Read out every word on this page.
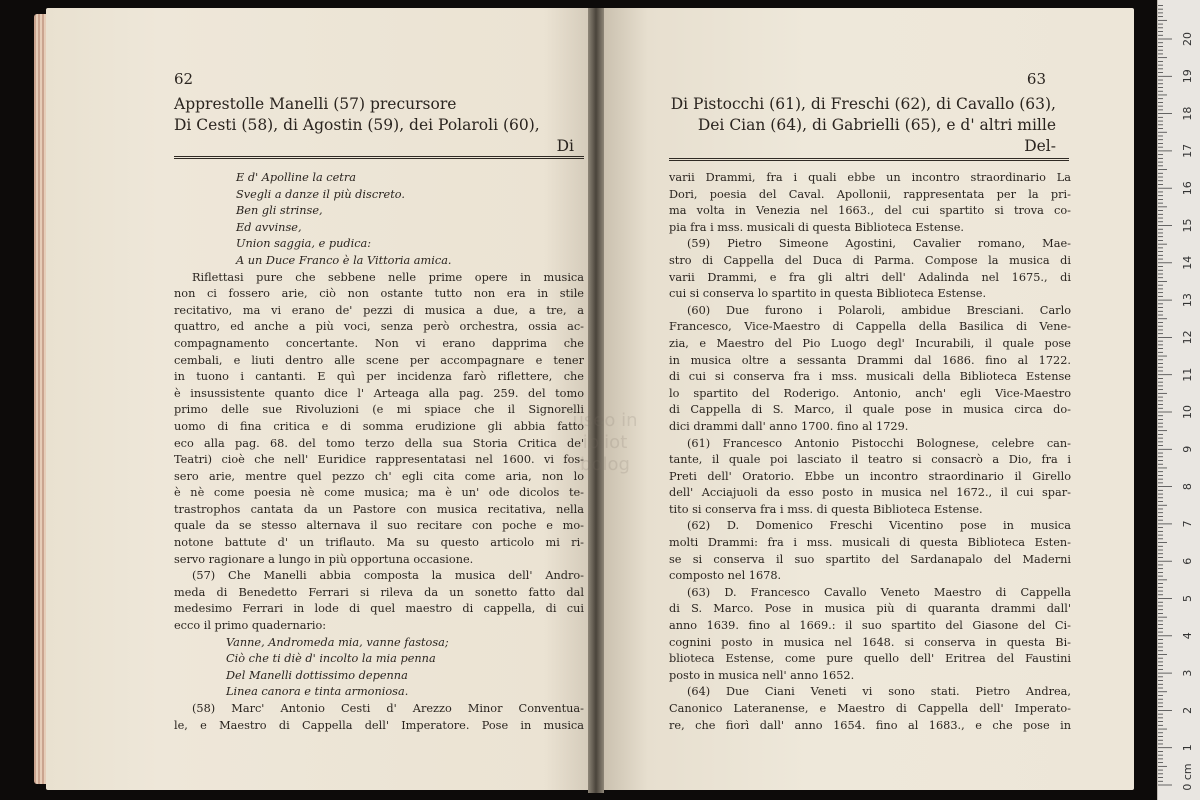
62
Apprestolle Manelli (57) precursore
Di Cesti (58), di Agostin (59), dei Polaroli (60),
Di
E d' Apolline la cetra
Svegli a danze il più discreto.
Ben gli strinse,
Ed avvinse,
Union saggia, e pudica:
A un Duce Franco è la Vittoria amica.
Riflettasi pure che sebbene nelle prime opere in musica
non ci fossero arie, ciò non ostante tutto non era in stile
recitativo, ma vi erano de' pezzi di musica a due, a tre, a
quattro, ed anche a più voci, senza però orchestra, ossia ac-
compagnamento concertante. Non vi erano dapprima che
cembali, e liuti dentro alle scene per accompagnare e tener
in tuono i cantanti. E quì per incidenza farò riflettere, che
è insussistente quanto dice l' Arteaga alla pag. 259. del tomo
primo delle sue Rivoluzioni (e mi spiace che il Signorelli
uomo di fina critica e di somma erudizione gli abbia fatto
eco alla pag. 68. del tomo terzo della sua Storia Critica de'
Teatri) cioè che nell' Euridice rappresentatasi nel 1600. vi fos-
sero arie, mentre quel pezzo ch' egli cita come aria, non lo
è nè come poesia nè come musica; ma è un' ode dicolos te-
trastrophos cantata da un Pastore con musica recitativa, nella
quale da se stesso alternava il suo recitare con poche e mo-
notone battute d' un triflauto. Ma su questo articolo mi ri-
servo ragionare a lungo in più opportuna occasione.
(57) Che Manelli abbia composta la musica dell' Andro-
meda di Benedetto Ferrari si rileva da un sonetto fatto dal
medesimo Ferrari in lode di quel maestro di cappella, di cui
ecco il primo quadernario:
Vanne, Andromeda mia, vanne fastosa;
Ciò che ti diè d' incolto la mia penna
Del Manelli dottissimo depenna
Linea canora e tinta armoniosa.
(58) Marc' Antonio Cesti d' Arezzo Minor Conventua-
le, e Maestro di Cappella dell' Imperatore. Pose in musica
63
Di Pistocchi (61), di Freschi (62), di Cavallo (63),
Dei Cian (64), di Gabrielli (65), e d' altri mille
Del-
varii Drammi, fra i quali ebbe un incontro straordinario La
Dori, poesia del Caval. Apollonii, rappresentata per la pri-
ma volta in Venezia nel 1663., del cui spartito si trova co-
pia fra i mss. musicali di questa Biblioteca Estense.
(59) Pietro Simeone Agostini, Cavalier romano, Mae-
stro di Cappella del Duca di Parma. Compose la musica di
varii Drammi, e fra gli altri dell' Adalinda nel 1675., di
cui si conserva lo spartito in questa Biblioteca Estense.
(60) Due furono i Polaroli, ambidue Bresciani. Carlo
Francesco, Vice-Maestro di Cappella della Basilica di Vene-
zia, e Maestro del Pio Luogo degl' Incurabili, il quale pose
in musica oltre a sessanta Drammi dal 1686. fino al 1722.
di cui si conserva fra i mss. musicali della Biblioteca Estense
lo spartito del Roderigo. Antonio, anch' egli Vice-Maestro
di Cappella di S. Marco, il quale pose in musica circa do-
dici drammi dall' anno 1700. fino al 1729.
(61) Francesco Antonio Pistocchi Bolognese, celebre can-
tante, il quale poi lasciato il teatro si consacrò a Dio, fra i
Preti dell' Oratorio. Ebbe un incontro straordinario il Girello
dell' Acciajuoli da esso posto in musica nel 1672., il cui spar-
tito si conserva fra i mss. di questa Biblioteca Estense.
(62) D. Domenico Freschi Vicentino pose in musica
molti Drammi: fra i mss. musicali di questa Biblioteca Esten-
se si conserva il suo spartito del Sardanapalo del Maderni
composto nel 1678.
(63) D. Francesco Cavallo Veneto Maestro di Cappella
di S. Marco. Pose in musica più di quaranta drammi dall'
anno 1639. fino al 1669.: il suo spartito del Giasone del Ci-
cognini posto in musica nel 1648. si conserva in questa Bi-
blioteca Estense, come pure quello dell' Eritrea del Faustini
posto in musica nell' anno 1652.
(64) Due Ciani Veneti vi sono stati. Pietro Andrea,
Canonico Lateranense, e Maestro di Cappella dell' Imperato-
re, che fiorì dall' anno 1654. fino al 1683., e che pose in
useo in
ibliot
bolog
0 cm
1
2
3
4
5
6
7
8
9
10
11
12
13
14
15
16
17
18
19
20
